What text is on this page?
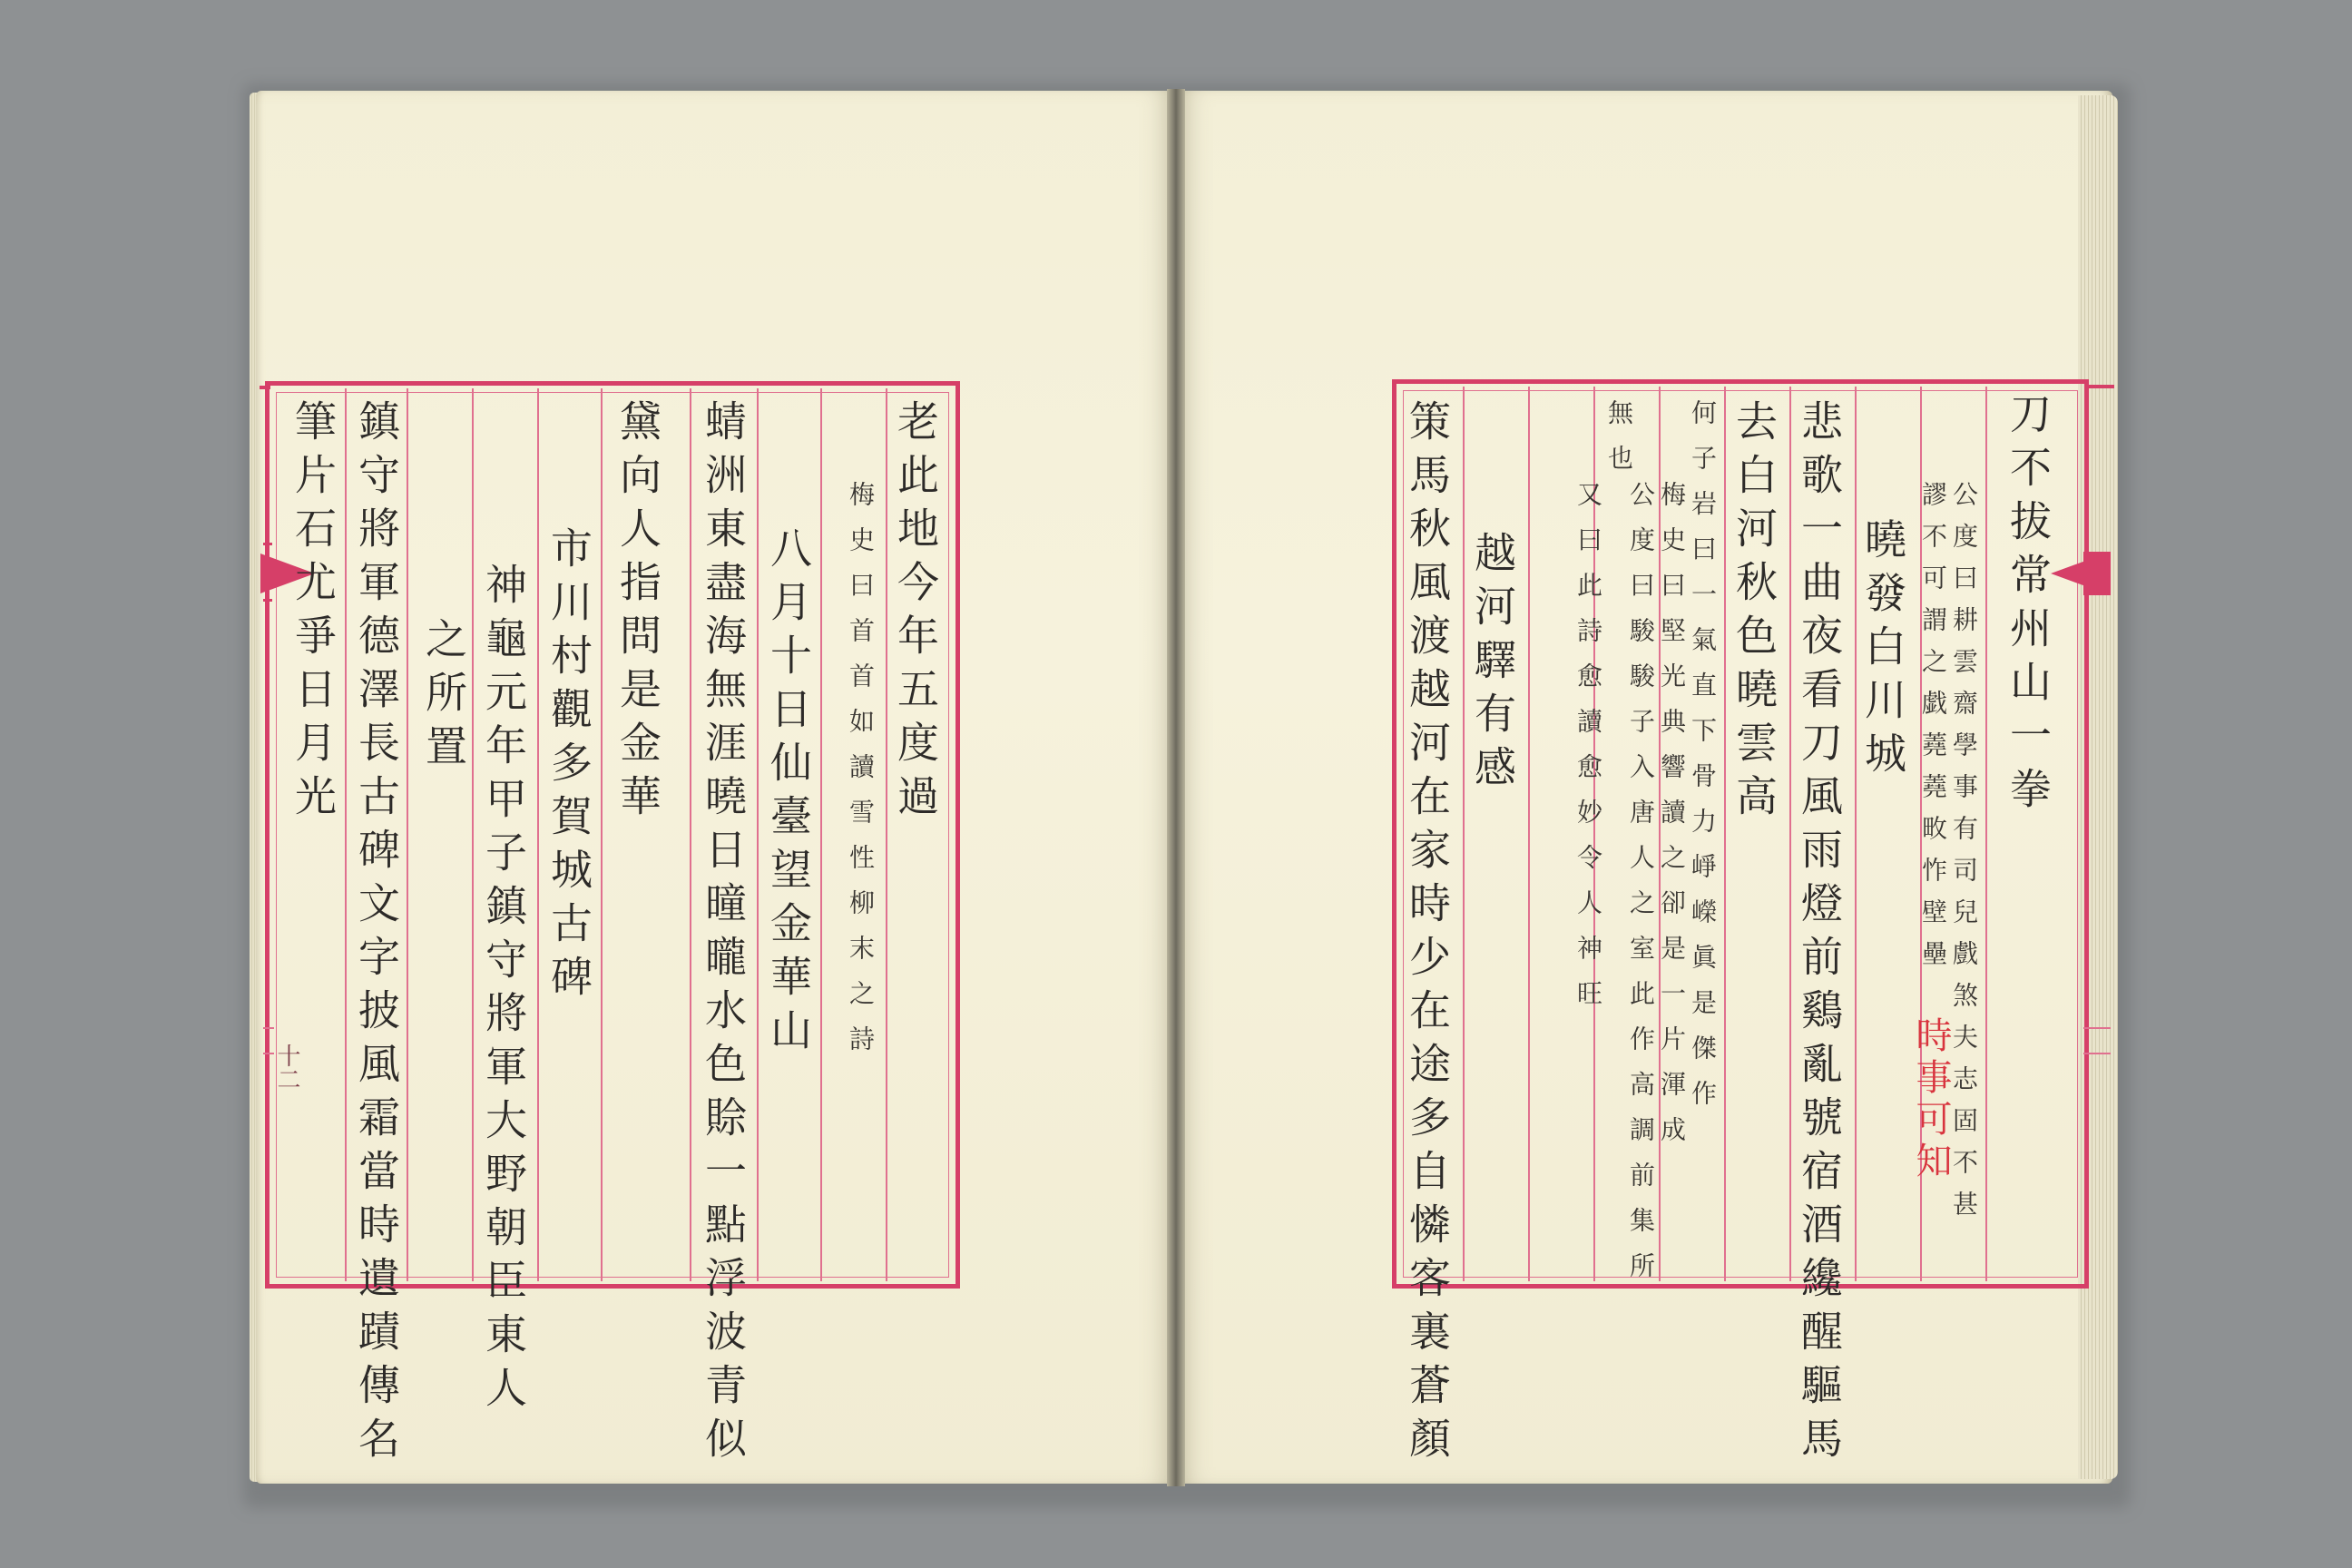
老此地今年五度過
梅史曰首首如讀雪性柳末之詩
八月十日仙臺望金華山
蜻洲東盡海無涯曉日曈曨水色賒一點浮波青似
黛向人指問是金華
市川村觀多賀城古碑
神龜元年甲子鎮守將軍大野朝臣東人
之所置
鎮守將軍德澤長古碑文字披風霜當時遺蹟傳名
筆片石尤爭日月光
十二
刀不拔常州山一拳
公度曰耕雲齋學事有司兒戲煞夫志固不甚
謬不可謂之戯蕘蕘畋怍壁壘
時事可知
曉發白川城
悲歌一曲夜看刀風雨燈前鷄亂號宿酒纔醒驅馬
去白河秋色曉雲高
何子岩曰一氣直下骨力崢嶸眞是傑作
梅史曰堅光典響讀之卻是一片渾成
公度曰駿駿子入唐人之室此作高調前集所
無也
又曰此詩愈讀愈妙令人神旺
越河驛有感
策馬秋風渡越河在家時少在途多自憐客裏蒼顏
